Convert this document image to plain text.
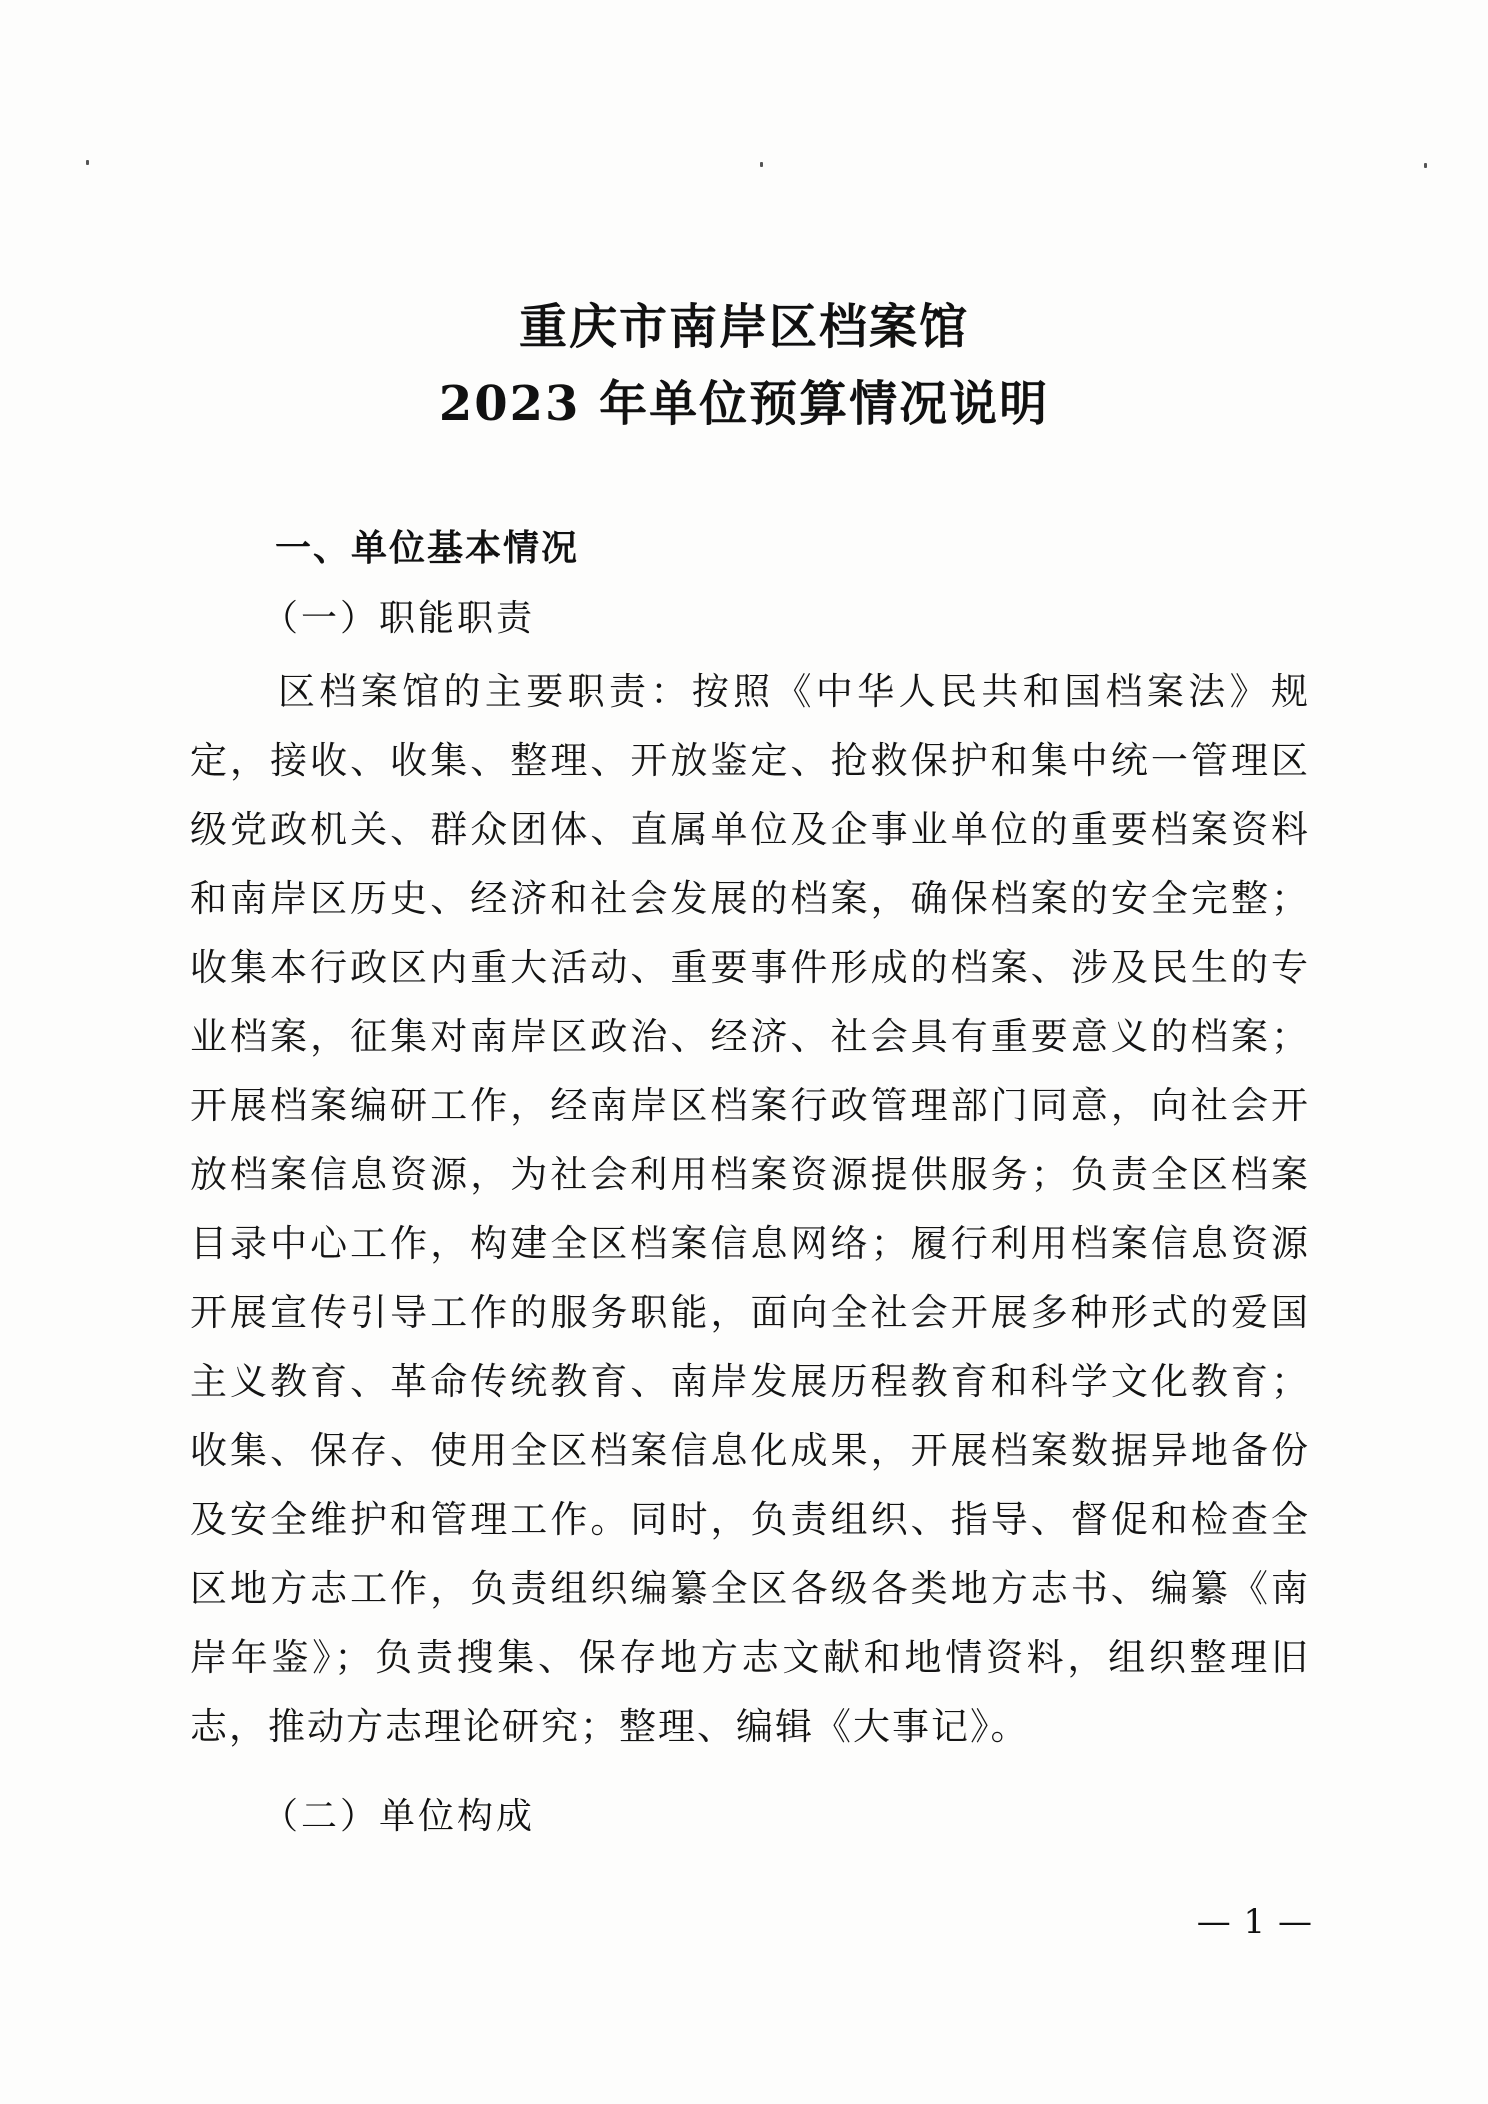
重庆市南岸区档案馆
2023 年单位预算情况说明
一、单位基本情况
（一）职能职责

区档案馆的主要职责：按照《中华人民共和国档案法》规定，接收、收集、整理、开放鉴定、抢救保护和集中统一管理区级党政机关、群众团体、直属单位及企事业单位的重要档案资料和南岸区历史、经济和社会发展的档案，确保档案的安全完整；收集本行政区内重大活动、重要事件形成的档案、涉及民生的专业档案，征集对南岸区政治、经济、社会具有重要意义的档案；开展档案编研工作，经南岸区档案行政管理部门同意，向社会开放档案信息资源，为社会利用档案资源提供服务；负责全区档案目录中心工作，构建全区档案信息网络；履行利用档案信息资源开展宣传引导工作的服务职能，面向全社会开展多种形式的爱国主义教育、革命传统教育、南岸发展历程教育和科学文化教育；收集、保存、使用全区档案信息化成果，开展档案数据异地备份及安全维护和管理工作。同时，负责组织、指导、督促和检查全区地方志工作，负责组织编纂全区各级各类地方志书、编纂《南岸年鉴》；负责搜集、保存地方志文献和地情资料，组织整理旧志，推动方志理论研究；整理、编辑《大事记》。

（二）单位构成
— 1 —
